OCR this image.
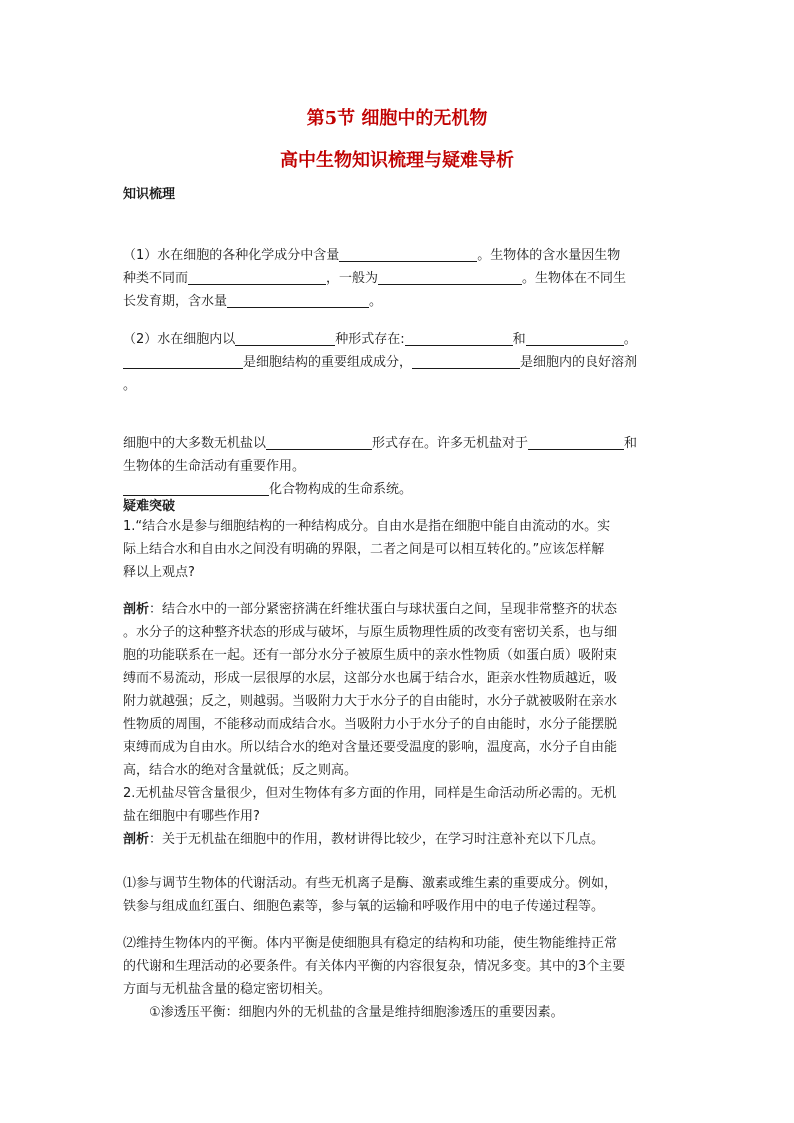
第5节 细胞中的无机物
高中生物知识梳理与疑难导析
知识梳理
（1）水在细胞的各种化学成分中含量	。生物体的含水量因生物
种类不同而	，一般为	。生物体在不同生
长发育期，含水量	。
（2）水在细胞内以	种形式存在:	和	。
是细胞结构的重要组成成分，	是细胞内的良好溶剂
。
细胞中的大多数无机盐以	形式存在。许多无机盐对于	和
生物体的生命活动有重要作用。
化合物构成的生命系统。
疑难突破
1.“结合水是参与细胞结构的一种结构成分。自由水是指在细胞中能自由流动的水。实
际上结合水和自由水之间没有明确的界限，二者之间是可以相互转化的。”应该怎样解
释以上观点?
剖析：结合水中的一部分紧密挤满在纤维状蛋白与球状蛋白之间，呈现非常整齐的状态
。水分子的这种整齐状态的形成与破坏，与原生质物理性质的改变有密切关系，也与细
胞的功能联系在一起。还有一部分水分子被原生质中的亲水性物质（如蛋白质）吸附束
缚而不易流动，形成一层很厚的水层，这部分水也属于结合水，距亲水性物质越近，吸
附力就越强；反之，则越弱。当吸附力大于水分子的自由能时，水分子就被吸附在亲水
性物质的周围，不能移动而成结合水。当吸附力小于水分子的自由能时，水分子能摆脱
束缚而成为自由水。所以结合水的绝对含量还要受温度的影响，温度高，水分子自由能
高，结合水的绝对含量就低；反之则高。
2.无机盐尽管含量很少，但对生物体有多方面的作用，同样是生命活动所必需的。无机
盐在细胞中有哪些作用?
剖析：关于无机盐在细胞中的作用，教材讲得比较少，在学习时注意补充以下几点。
⑴参与调节生物体的代谢活动。有些无机离子是酶、激素或维生素的重要成分。例如，
铁参与组成血红蛋白、细胞色素等，参与氧的运输和呼吸作用中的电子传递过程等。
⑵维持生物体内的平衡。体内平衡是使细胞具有稳定的结构和功能，使生物能维持正常
的代谢和生理活动的必要条件。有关体内平衡的内容很复杂，情况多变。其中的3个主要
方面与无机盐含量的稳定密切相关。
①渗透压平衡：细胞内外的无机盐的含量是维持细胞渗透压的重要因素。
